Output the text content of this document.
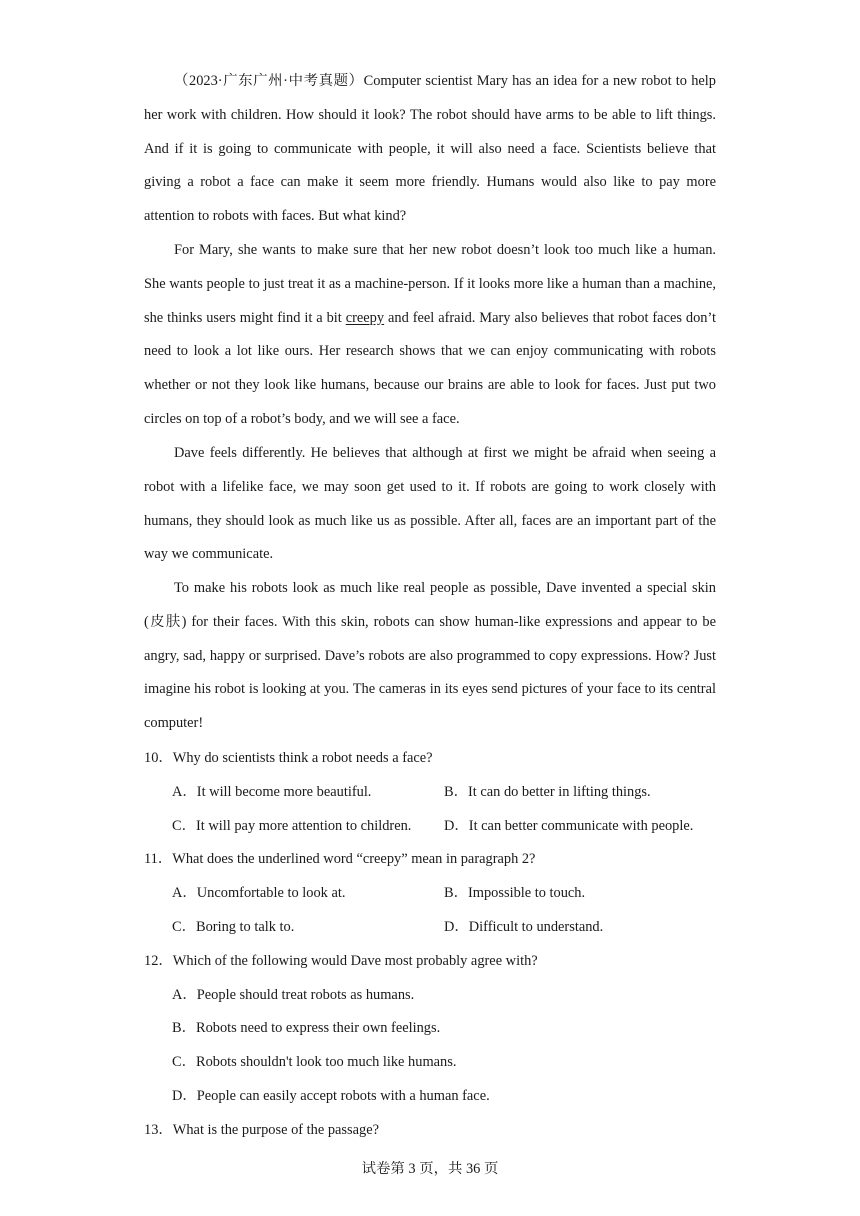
（2023·广东广州·中考真题）Computer scientist Mary has an idea for a new robot to help her work with children. How should it look? The robot should have arms to be able to lift things. And if it is going to communicate with people, it will also need a face. Scientists believe that giving a robot a face can make it seem more friendly. Humans would also like to pay more attention to robots with faces. But what kind?

For Mary, she wants to make sure that her new robot doesn’t look too much like a human. She wants people to just treat it as a machine-person. If it looks more like a human than a machine, she thinks users might find it a bit creepy and feel afraid. Mary also believes that robot faces don’t need to look a lot like ours. Her research shows that we can enjoy communicating with robots whether or not they look like humans, because our brains are able to look for faces. Just put two circles on top of a robot’s body, and we will see a face.

Dave feels differently. He believes that although at first we might be afraid when seeing a robot with a lifelike face, we may soon get used to it. If robots are going to work closely with humans, they should look as much like us as possible. After all, faces are an important part of the way we communicate.

To make his robots look as much like real people as possible, Dave invented a special skin (皮肤) for their faces. With this skin, robots can show human-like expressions and appear to be angry, sad, happy or surprised. Dave’s robots are also programmed to copy expressions. How? Just imagine his robot is looking at you. The cameras in its eyes send pictures of your face to its central computer!

10．Why do scientists think a robot needs a face?
A．It will become more beautiful.	B．It can do better in lifting things.
C．It will pay more attention to children. D．It can better communicate with people.
11．What does the underlined word “creepy” mean in paragraph 2?
A．Uncomfortable to look at.	B．Impossible to touch.
C．Boring to talk to.	D．Difficult to understand.
12．Which of the following would Dave most probably agree with?
A．People should treat robots as humans.
B．Robots need to express their own feelings.
C．Robots shouldn't look too much like humans.
D．People can easily accept robots with a human face.
13．What is the purpose of the passage?
试卷第 3 页，共 36 页
